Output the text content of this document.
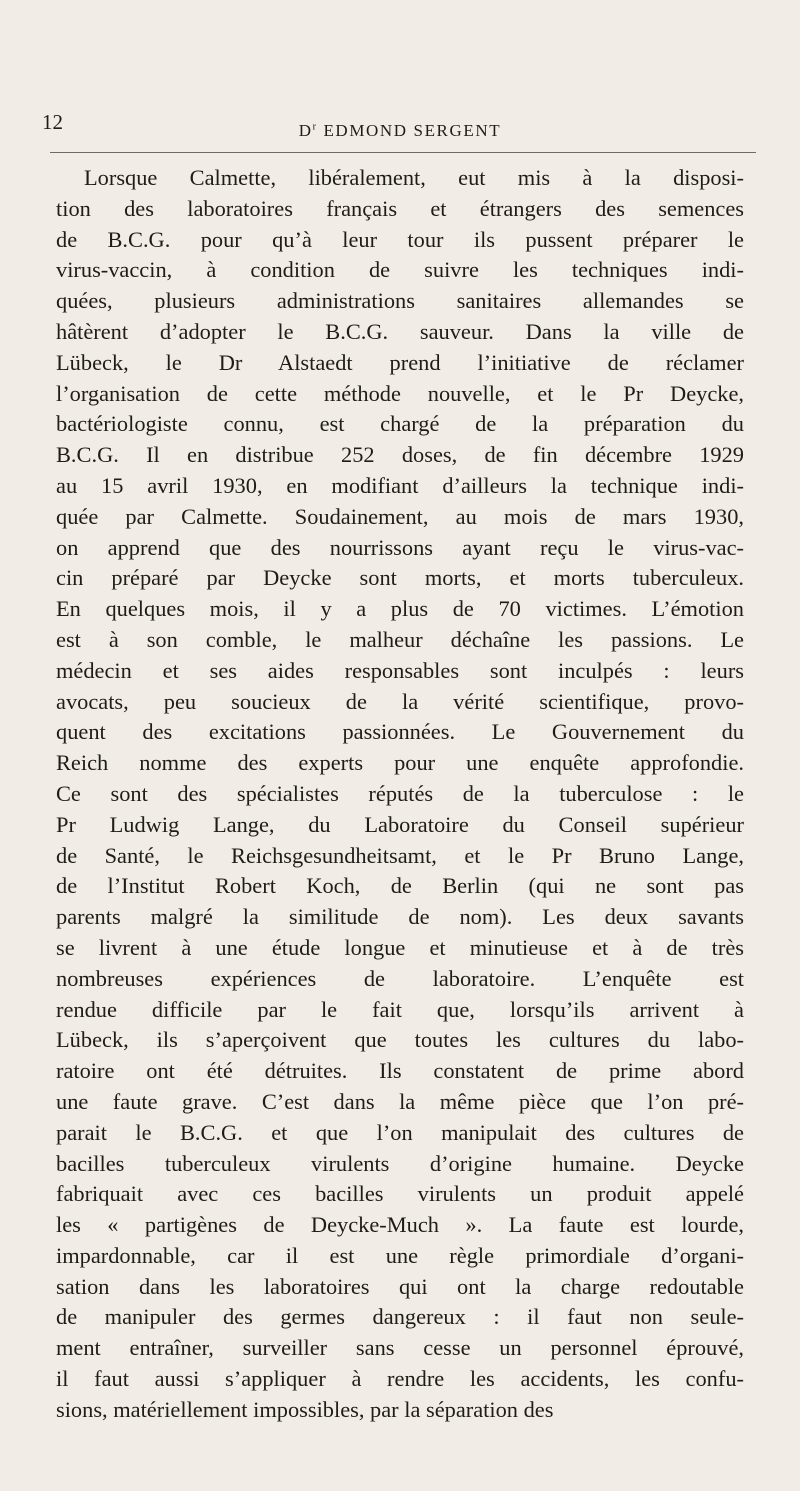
12	$D^r$ EDMOND SERGENT
Lorsque Calmette, libéralement, eut mis à la disposi-
tion des laboratoires français et étrangers des semences
de B.C.G. pour qu’à leur tour ils pussent préparer le
virus-vaccin, à condition de suivre les techniques indi-
quées, plusieurs administrations sanitaires allemandes se
hâtèrent d’adopter le B.C.G. sauveur. Dans la ville de
Lübeck, le Dr Alstaedt prend l’initiative de réclamer
l’organisation de cette méthode nouvelle, et le Pr Deycke,
bactériologiste connu, est chargé de la préparation du
B.C.G. Il en distribue 252 doses, de fin décembre 1929
au 15 avril 1930, en modifiant d’ailleurs la technique indi-
quée par Calmette. Soudainement, au mois de mars 1930,
on apprend que des nourrissons ayant reçu le virus-vac-
cin préparé par Deycke sont morts, et morts tuberculeux.
En quelques mois, il y a plus de 70 victimes. L’émotion
est à son comble, le malheur déchaîne les passions. Le
médecin et ses aides responsables sont inculpés : leurs
avocats, peu soucieux de la vérité scientifique, provo-
quent des excitations passionnées. Le Gouvernement du
Reich nomme des experts pour une enquête approfondie.
Ce sont des spécialistes réputés de la tuberculose : le
Pr Ludwig Lange, du Laboratoire du Conseil supérieur
de Santé, le Reichsgesundheitsamt, et le Pr Bruno Lange,
de l’Institut Robert Koch, de Berlin (qui ne sont pas
parents malgré la similitude de nom). Les deux savants
se livrent à une étude longue et minutieuse et à de très
nombreuses expériences de laboratoire. L’enquête est
rendue difficile par le fait que, lorsqu’ils arrivent à
Lübeck, ils s’aperçoivent que toutes les cultures du labo-
ratoire ont été détruites. Ils constatent de prime abord
une faute grave. C’est dans la même pièce que l’on pré-
parait le B.C.G. et que l’on manipulait des cultures de
bacilles tuberculeux virulents d’origine humaine. Deycke
fabriquait avec ces bacilles virulents un produit appelé
les « partigènes de Deycke-Much ». La faute est lourde,
impardonnable, car il est une règle primordiale d’organi-
sation dans les laboratoires qui ont la charge redoutable
de manipuler des germes dangereux : il faut non seule-
ment entraîner, surveiller sans cesse un personnel éprouvé,
il faut aussi s’appliquer à rendre les accidents, les confu-
sions, matériellement impossibles, par la séparation des
